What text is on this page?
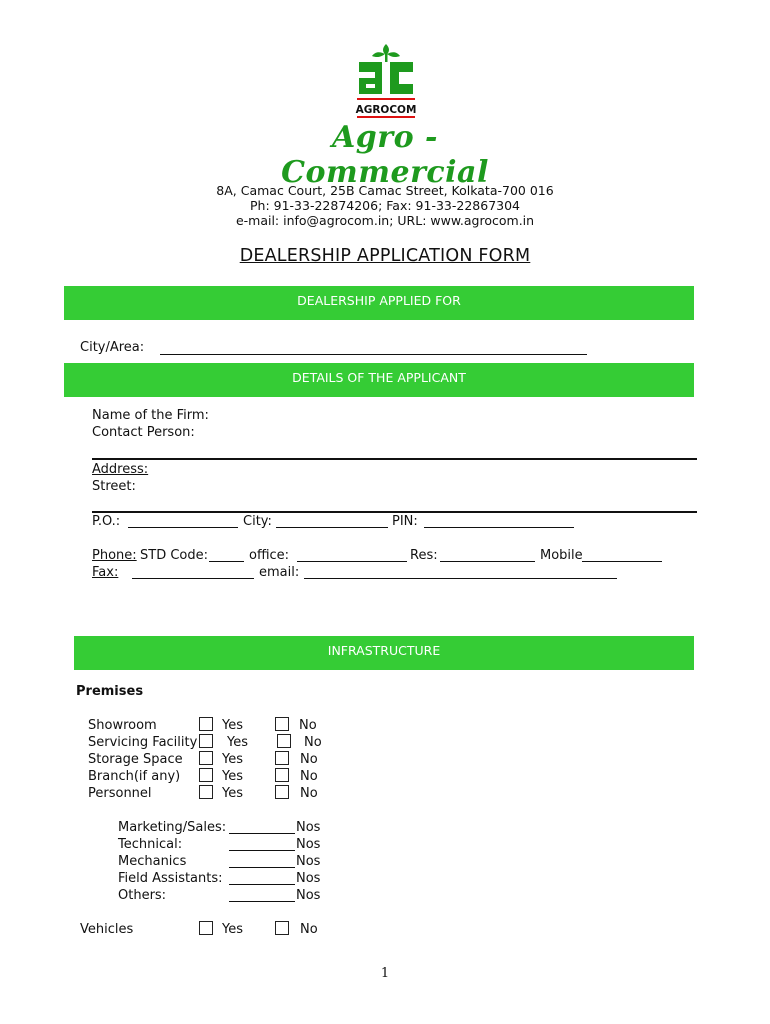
AGROCOM
Agro - Commercial
8A, Camac Court, 25B Camac Street, Kolkata-700 016
Ph: 91-33-22874206; Fax: 91-33-22867304
e-mail: info@agrocom.in; URL: www.agrocom.in
DEALERSHIP APPLICATION FORM
DEALERSHIP APPLIED FOR
City/Area:
DETAILS OF THE APPLICANT
Name of the Firm:
Contact Person:
Address:
Street:
P.O.:	City:	PIN:
Phone: STD Code:	office:	Res:	Mobile
Fax:	email:
INFRASTRUCTURE
Premises
Showroom	Yes	No
Servicing Facility Yes	No
Storage Space	Yes	No
Branch(if any)	Yes	No
Personnel	Yes	No
Marketing/Sales:	Nos
Technical:	Nos
Mechanics	Nos
Field Assistants:	Nos
Others:	Nos
Vehicles	Yes	No
1
